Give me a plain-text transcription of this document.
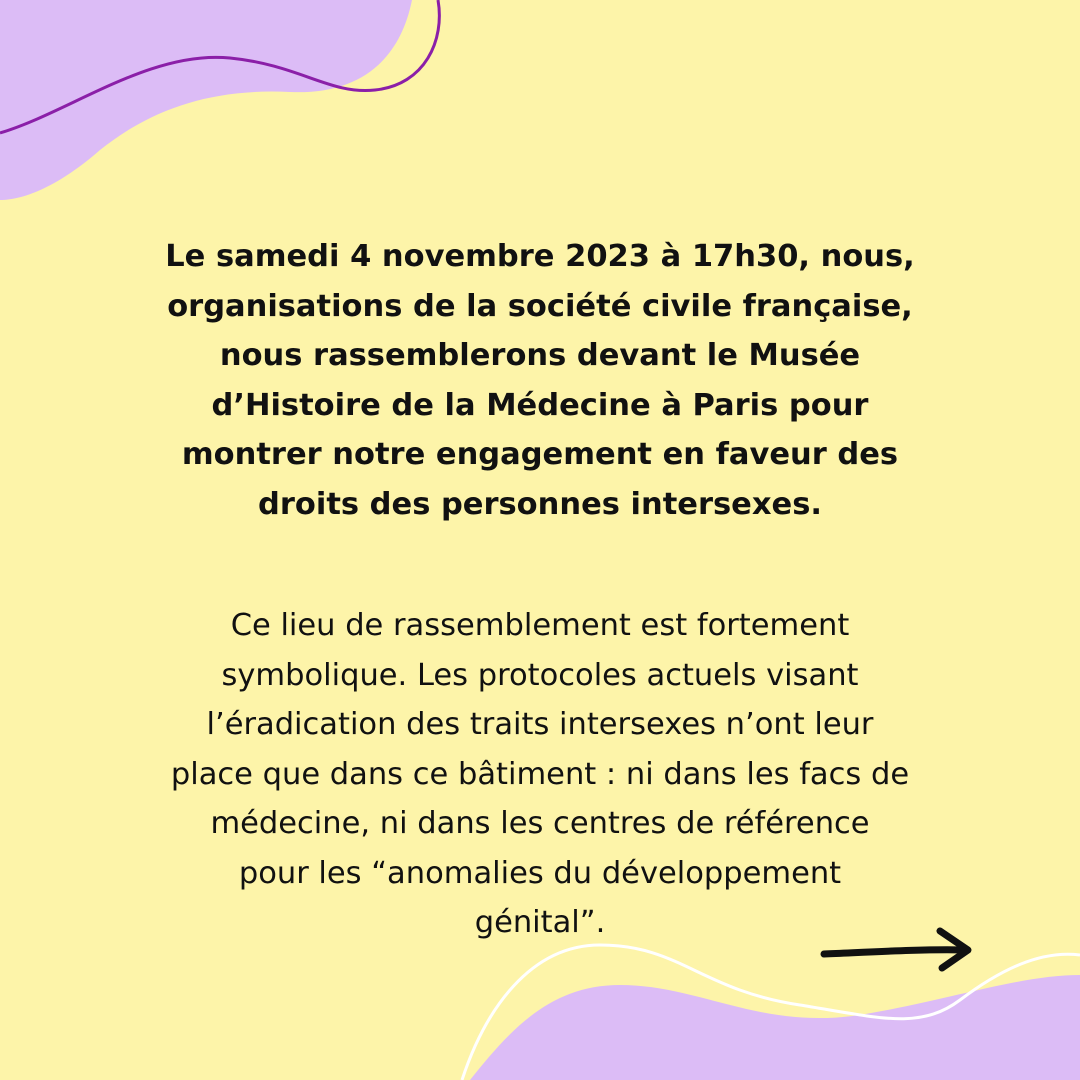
Le samedi 4 novembre 2023 à 17h30, nous,
organisations de la société civile française,
nous rassemblerons devant le Musée
d’Histoire de la Médecine à Paris pour
montrer notre engagement en faveur des
droits des personnes intersexes.

Ce lieu de rassemblement est fortement
symbolique. Les protocoles actuels visant
l’éradication des traits intersexes n’ont leur
place que dans ce bâtiment : ni dans les facs de
médecine, ni dans les centres de référence
pour les “anomalies du développement
génital”.
